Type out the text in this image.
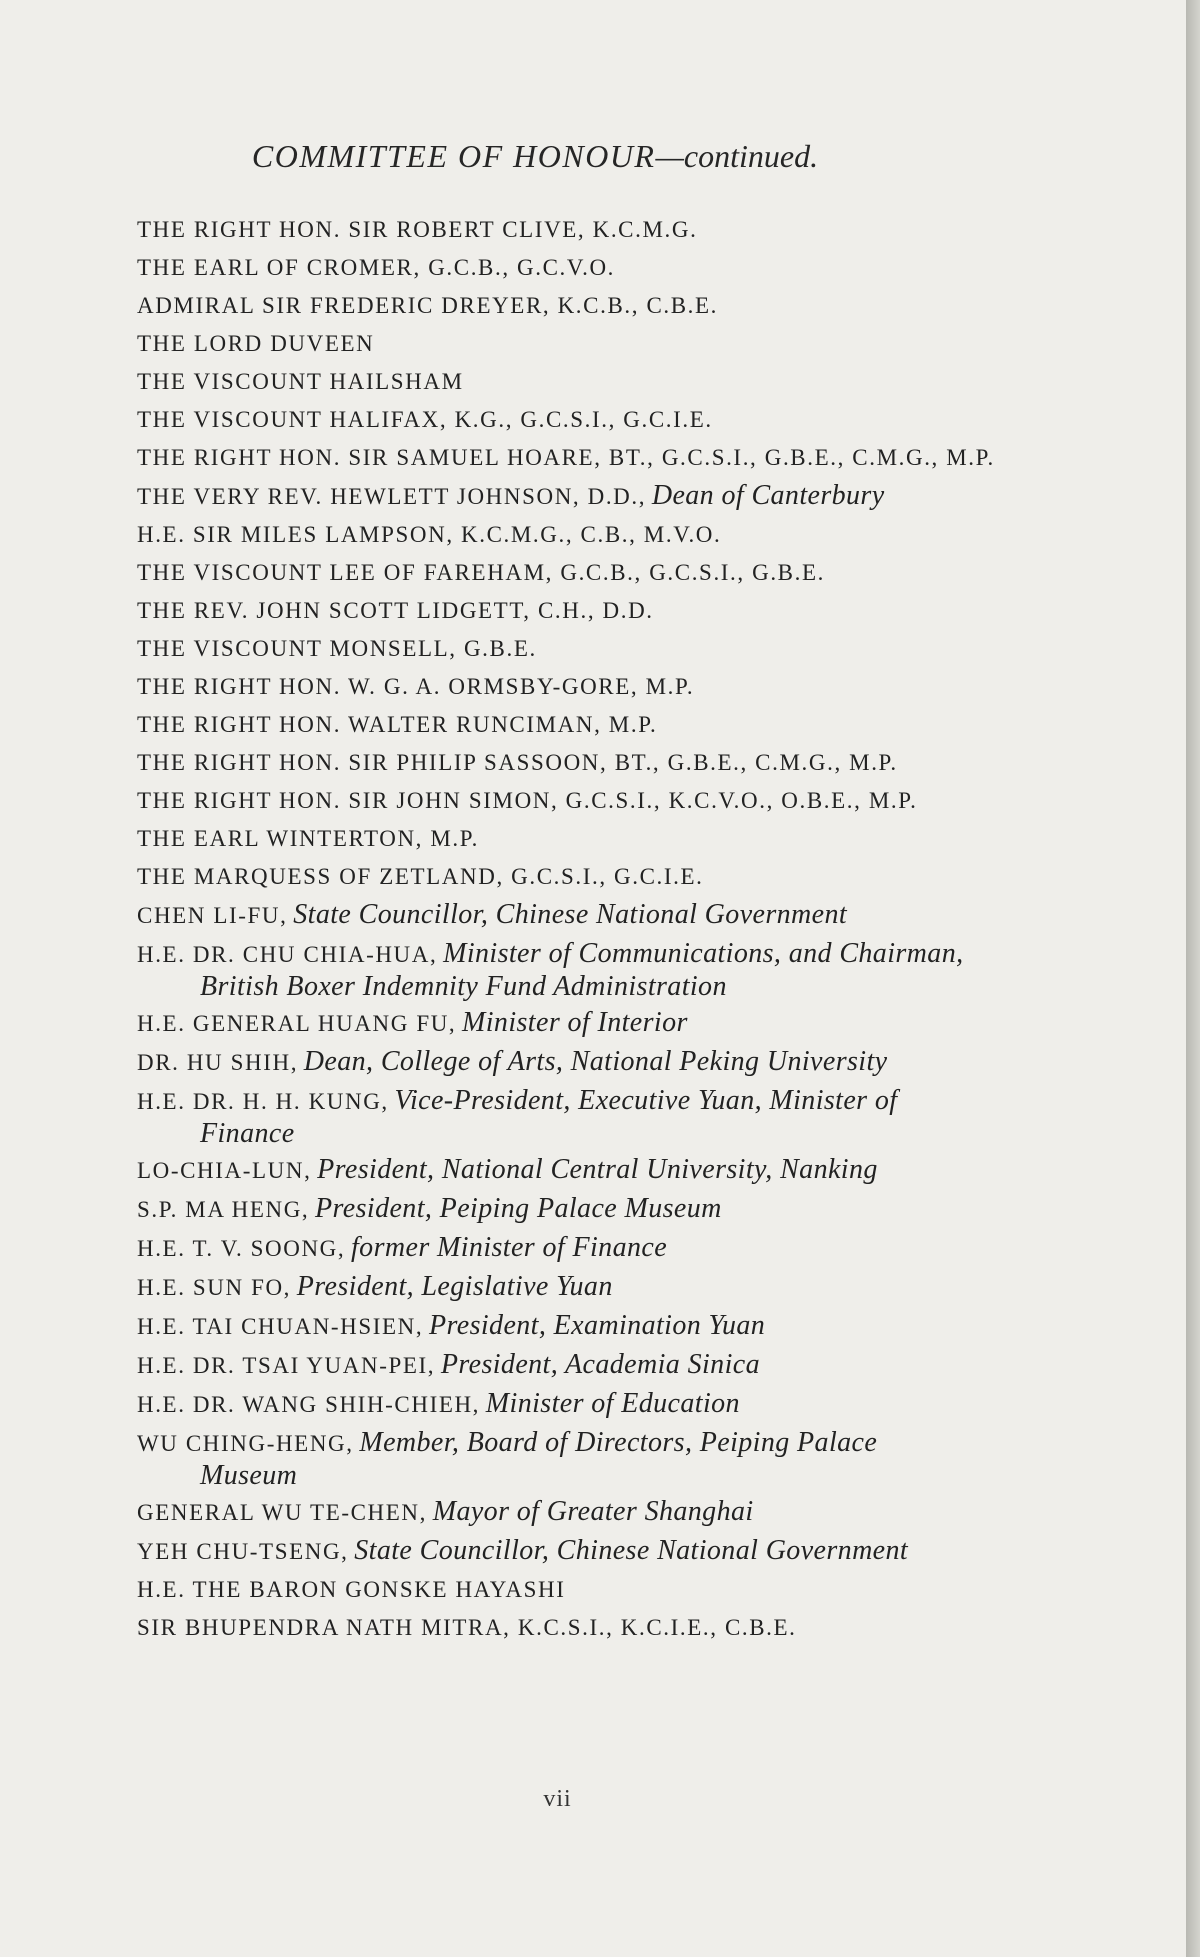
COMMITTEE OF HONOUR—continued.
THE RIGHT HON. SIR ROBERT CLIVE, K.C.M.G.
THE EARL OF CROMER, G.C.B., G.C.V.O.
ADMIRAL SIR FREDERIC DREYER, K.C.B., C.B.E.
THE LORD DUVEEN
THE VISCOUNT HAILSHAM
THE VISCOUNT HALIFAX, K.G., G.C.S.I., G.C.I.E.
THE RIGHT HON. SIR SAMUEL HOARE, BT., G.C.S.I., G.B.E., C.M.G., M.P.
THE VERY REV. HEWLETT JOHNSON, D.D., Dean of Canterbury
H.E. SIR MILES LAMPSON, K.C.M.G., C.B., M.V.O.
THE VISCOUNT LEE OF FAREHAM, G.C.B., G.C.S.I., G.B.E.
THE REV. JOHN SCOTT LIDGETT, C.H., D.D.
THE VISCOUNT MONSELL, G.B.E.
THE RIGHT HON. W. G. A. ORMSBY-GORE, M.P.
THE RIGHT HON. WALTER RUNCIMAN, M.P.
THE RIGHT HON. SIR PHILIP SASSOON, BT., G.B.E., C.M.G., M.P.
THE RIGHT HON. SIR JOHN SIMON, G.C.S.I., K.C.V.O., O.B.E., M.P.
THE EARL WINTERTON, M.P.
THE MARQUESS OF ZETLAND, G.C.S.I., G.C.I.E.
CHEN LI-FU, State Councillor, Chinese National Government
H.E. DR. CHU CHIA-HUA, Minister of Communications, and Chairman,
British Boxer Indemnity Fund Administration
H.E. GENERAL HUANG FU, Minister of Interior
DR. HU SHIH, Dean, College of Arts, National Peking University
H.E. DR. H. H. KUNG, Vice-President, Executive Yuan, Minister of
Finance
LO-CHIA-LUN, President, National Central University, Nanking
S.P. MA HENG, President, Peiping Palace Museum
H.E. T. V. SOONG, former Minister of Finance
H.E. SUN FO, President, Legislative Yuan
H.E. TAI CHUAN-HSIEN, President, Examination Yuan
H.E. DR. TSAI YUAN-PEI, President, Academia Sinica
H.E. DR. WANG SHIH-CHIEH, Minister of Education
WU CHING-HENG, Member, Board of Directors, Peiping Palace
Museum
GENERAL WU TE-CHEN, Mayor of Greater Shanghai
YEH CHU-TSENG, State Councillor, Chinese National Government
H.E. THE BARON GONSKE HAYASHI
SIR BHUPENDRA NATH MITRA, K.C.S.I., K.C.I.E., C.B.E.
vii
